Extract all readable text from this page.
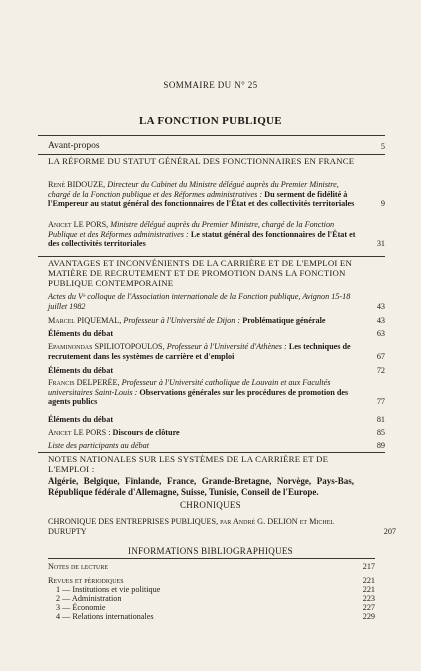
SOMMAIRE DU N° 25
LA FONCTION PUBLIQUE
Avant-propos	5
LA RÉFORME DU STATUT GÉNÉRAL DES FONCTIONNAIRES EN FRANCE
René BIDOUZE, Directeur du Cabinet du Ministre délégué auprès du Premier Ministre, chargé de la Fonction publique et des Réformes administratives : Du serment de fidélité à l'Empereur au statut général des fonctionnaires de l'État et des collectivités territoriales	9
Anicet LE PORS, Ministre délégué auprès du Premier Ministre, chargé de la Fonction Publique et des Réformes administratives : Le statut général des fonctionnaires de l'État et des collectivités territoriales	31
AVANTAGES ET INCONVÉNIENTS DE LA CARRIÈRE ET DE L'EMPLOI EN MATIÈRE DE RECRUTEMENT ET DE PROMOTION DANS LA FONCTION PUBLIQUE CONTEMPORAINE
Actes du Vᵉ colloque de l'Association internationale de la Fonction publique, Avignon 15-18 juillet 1982	43
Marcel PIQUEMAL, Professeur à l'Université de Dijon : Problématique générale	43
Éléments du débat	63
Epaminondas SPILIOTOPOULOS, Professeur à l'Université d'Athènes : Les techniques de recrutement dans les systèmes de carrière et d'emploi	67
Éléments du débat	72
Francis DELPERÉE, Professeur à l'Université catholique de Louvain et aux Facultés universitaires Saint-Louis : Observations générales sur les procédures de promotion des agents publics	77
Éléments du débat	81
Anicet LE PORS : Discours de clôture	85
Liste des participants au débat	89
NOTES NATIONALES SUR LES SYSTÈMES DE LA CARRIÈRE ET DE L'EMPLOI :
Algérie, Belgique, Finlande, France, Grande-Bretagne, Norvège, Pays-Bas, République fédérale d'Allemagne, Suisse, Tunisie, Conseil de l'Europe.
CHRONIQUES
CHRONIQUE DES ENTREPRISES PUBLIQUES, par André G. DELION et Michel DURUPTY	207
INFORMATIONS BIBLIOGRAPHIQUES
Notes de lecture	217
Revues et périodiques	221
1 — Institutions et vie politique	221
2 — Administration	223
3 — Économie	227
4 — Relations internationales	229
